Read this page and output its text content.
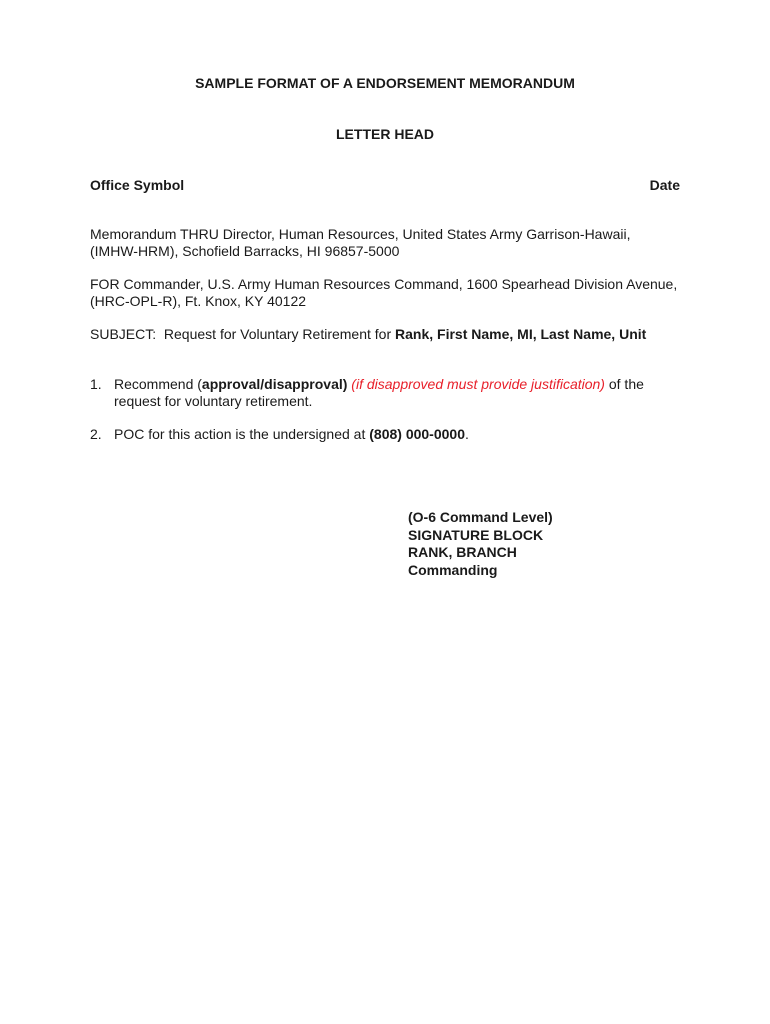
SAMPLE FORMAT OF A ENDORSEMENT MEMORANDUM
LETTER HEAD
Office Symbol	Date
Memorandum THRU Director, Human Resources, United States Army Garrison-Hawaii,
(IMHW-HRM), Schofield Barracks, HI 96857-5000
FOR Commander, U.S. Army Human Resources Command, 1600 Spearhead Division Avenue,
(HRC-OPL-R), Ft. Knox, KY 40122
SUBJECT:  Request for Voluntary Retirement for Rank, First Name, MI, Last Name, Unit
1. Recommend (approval/disapproval) (if disapproved must provide justification) of the
request for voluntary retirement.
2. POC for this action is the undersigned at (808) 000-0000.
(O-6 Command Level)
SIGNATURE BLOCK
RANK, BRANCH
Commanding
